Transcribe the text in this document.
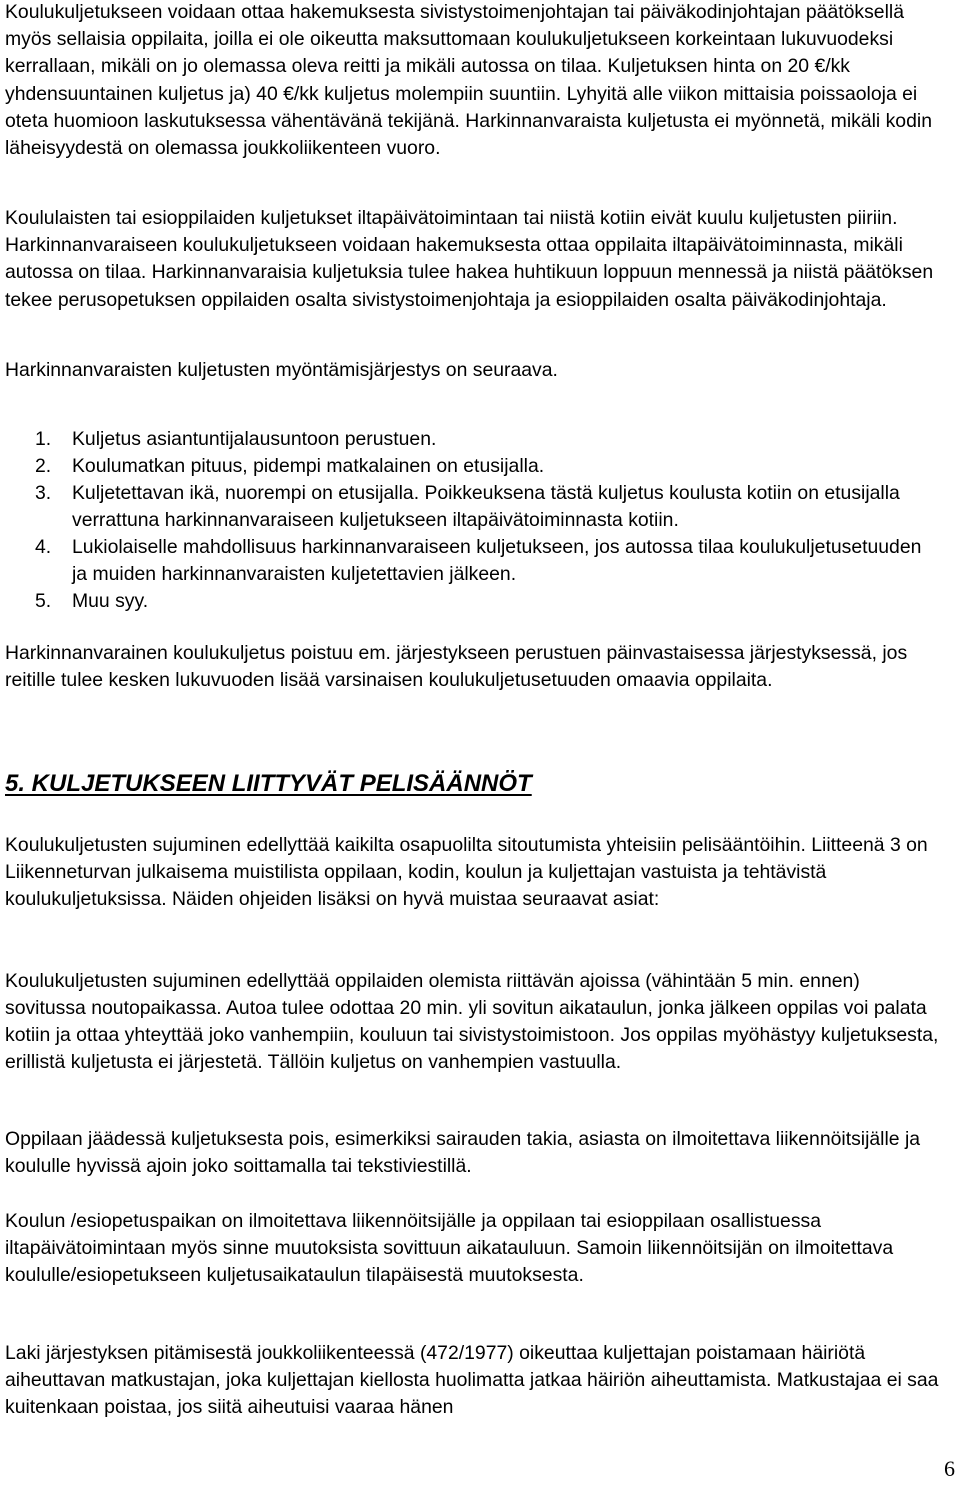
Koulukuljetukseen voidaan ottaa hakemuksesta sivistystoimenjohtajan tai päiväkodinjohtajan päätöksellä myös sellaisia oppilaita, joilla ei ole oikeutta maksuttomaan koulukuljetukseen korkeintaan lukuvuodeksi kerrallaan, mikäli on jo olemassa oleva reitti ja mikäli autossa on tilaa. Kuljetuksen hinta on 20 €/kk yhdensuuntainen kuljetus ja) 40 €/kk kuljetus molempiin suuntiin. Lyhyitä alle viikon mittaisia poissaoloja ei oteta huomioon laskutuksessa vähentävänä tekijänä. Harkinnanvaraista kuljetusta ei myönnetä, mikäli kodin läheisyydestä on olemassa joukkoliikenteen vuoro.

Koululaisten tai esioppilaiden kuljetukset iltapäivätoimintaan tai niistä kotiin eivät kuulu kuljetusten piiriin. Harkinnanvaraiseen koulukuljetukseen voidaan hakemuksesta ottaa oppilaita iltapäivätoiminnasta, mikäli autossa on tilaa. Harkinnanvaraisia kuljetuksia tulee hakea huhtikuun loppuun mennessä ja niistä päätöksen tekee perusopetuksen oppilaiden osalta sivistystoimenjohtaja ja esioppilaiden osalta päiväkodinjohtaja.

Harkinnanvaraisten kuljetusten myöntämisjärjestys on seuraava.

1. Kuljetus asiantuntijalausuntoon perustuen.
2. Koulumatkan pituus, pidempi matkalainen on etusijalla.
3. Kuljetettavan ikä, nuorempi on etusijalla. Poikkeuksena tästä kuljetus koulusta kotiin on etusijalla verrattuna harkinnanvaraiseen kuljetukseen iltapäivätoiminnasta kotiin.
4. Lukiolaiselle mahdollisuus harkinnanvaraiseen kuljetukseen, jos autossa tilaa koulukuljetusetuuden ja muiden harkinnanvaraisten kuljetettavien jälkeen.
5. Muu syy.

Harkinnanvarainen koulukuljetus poistuu em. järjestykseen perustuen päinvastaisessa järjestyksessä, jos reitille tulee kesken lukuvuoden lisää varsinaisen koulukuljetusetuuden omaavia oppilaita.

5. KULJETUKSEEN LIITTYVÄT PELISÄÄNNÖT

Koulukuljetusten sujuminen edellyttää kaikilta osapuolilta sitoutumista yhteisiin pelisääntöihin. Liitteenä 3 on Liikenneturvan julkaisema muistilista oppilaan, kodin, koulun ja kuljettajan vastuista ja tehtävistä koulukuljetuksissa. Näiden ohjeiden lisäksi on hyvä muistaa seuraavat asiat:

Koulukuljetusten sujuminen edellyttää oppilaiden olemista riittävän ajoissa (vähintään 5 min. ennen) sovitussa noutopaikassa. Autoa tulee odottaa 20 min. yli sovitun aikataulun, jonka jälkeen oppilas voi palata kotiin ja ottaa yhteyttää joko vanhempiin, kouluun tai sivistystoimistoon. Jos oppilas myöhästyy kuljetuksesta, erillistä kuljetusta ei järjestetä. Tällöin kuljetus on vanhempien vastuulla.

Oppilaan jäädessä kuljetuksesta pois, esimerkiksi sairauden takia, asiasta on ilmoitettava liikennöitsijälle ja koululle hyvissä ajoin joko soittamalla tai tekstiviestillä.

Koulun /esiopetuspaikan on ilmoitettava liikennöitsijälle ja oppilaan tai esioppilaan osallistuessa iltapäivätoimintaan myös sinne muutoksista sovittuun aikatauluun. Samoin liikennöitsijän on ilmoitettava koululle/esiopetukseen kuljetusaikataulun tilapäisestä muutoksesta.

Laki järjestyksen pitämisestä joukkoliikenteessä (472/1977) oikeuttaa kuljettajan poistamaan häiriötä aiheuttavan matkustajan, joka kuljettajan kiellosta huolimatta jatkaa häiriön aiheuttamista. Matkustajaa ei saa kuitenkaan poistaa, jos siitä aiheutuisi vaaraa hänen

6
